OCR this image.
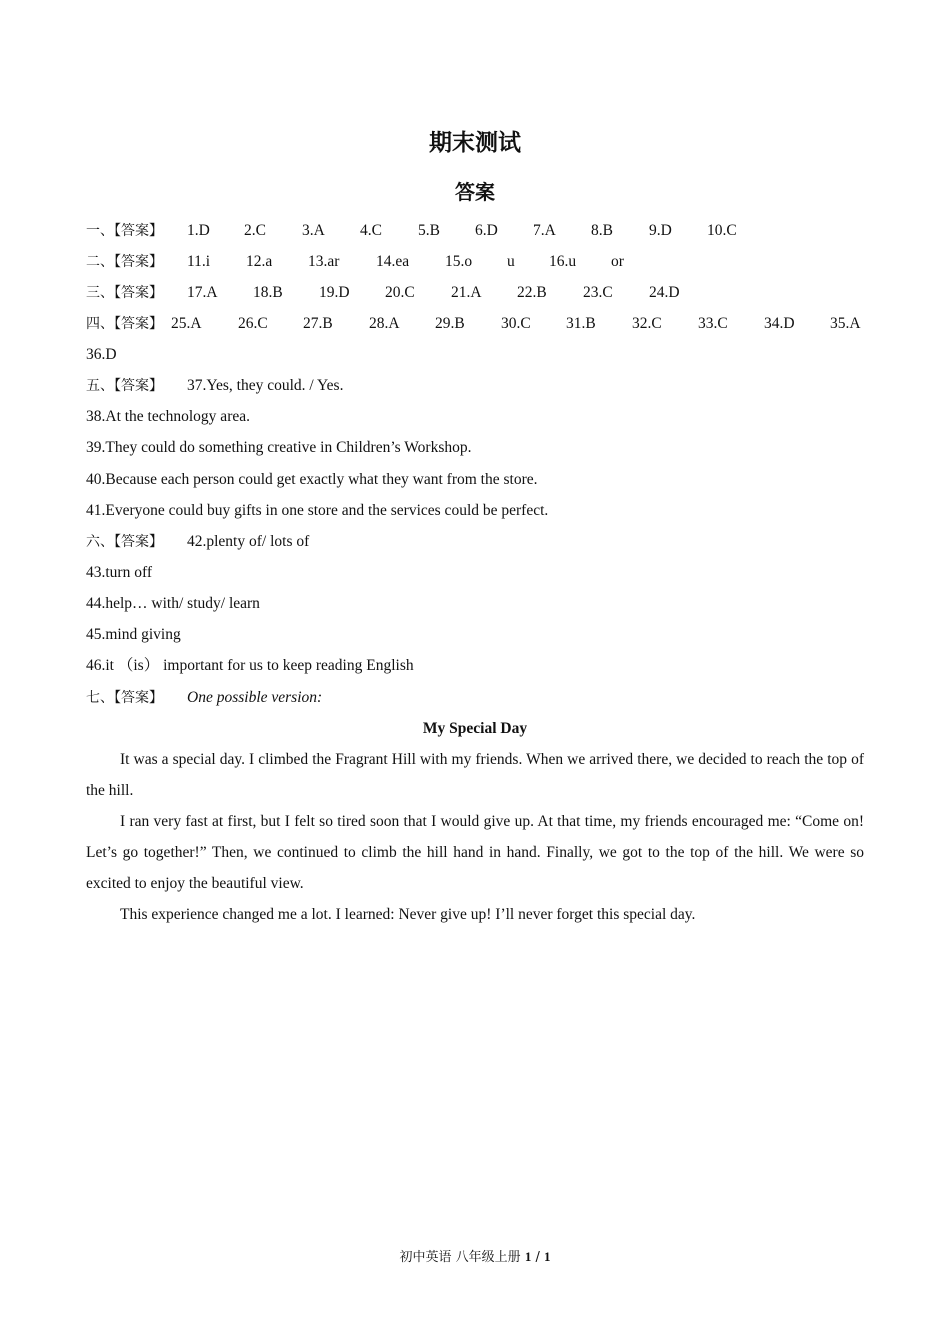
期末测试
答案
一、【答案】 1.D 2.C 3.A 4.C 5.B 6.D 7.A 8.B 9.D 10.C
二、【答案】 11.i 12.a 13.ar 14.ea 15.o u 16.u or
三、【答案】 17.A 18.B 19.D 20.C 21.A 22.B 23.C 24.D
四、【答案】 25.A 26.C 27.B 28.A 29.B 30.C 31.B 32.C 33.C 34.D 35.A
36.D
五、【答案】 37.Yes, they could. / Yes.
38.At the technology area.
39.They could do something creative in Children’s Workshop.
40.Because each person could get exactly what they want from the store.
41.Everyone could buy gifts in one store and the services could be perfect.
六、【答案】 42.plenty of/ lots of
43.turn off
44.help… with/ study/ learn
45.mind giving
46.it （is） important for us to keep reading English
七、【答案】 One possible version:
My Special Day

It was a special day. I climbed the Fragrant Hill with my friends. When we arrived there, we decided to reach the top of the hill.

I ran very fast at first, but I felt so tired soon that I would give up. At that time, my friends encouraged me: “Come on! Let’s go together!” Then, we continued to climb the hill hand in hand. Finally, we got to the top of the hill. We were so excited to enjoy the beautiful view.

This experience changed me a lot. I learned: Never give up! I’ll never forget this special day.

初中英语 八年级上册 1 / 1
